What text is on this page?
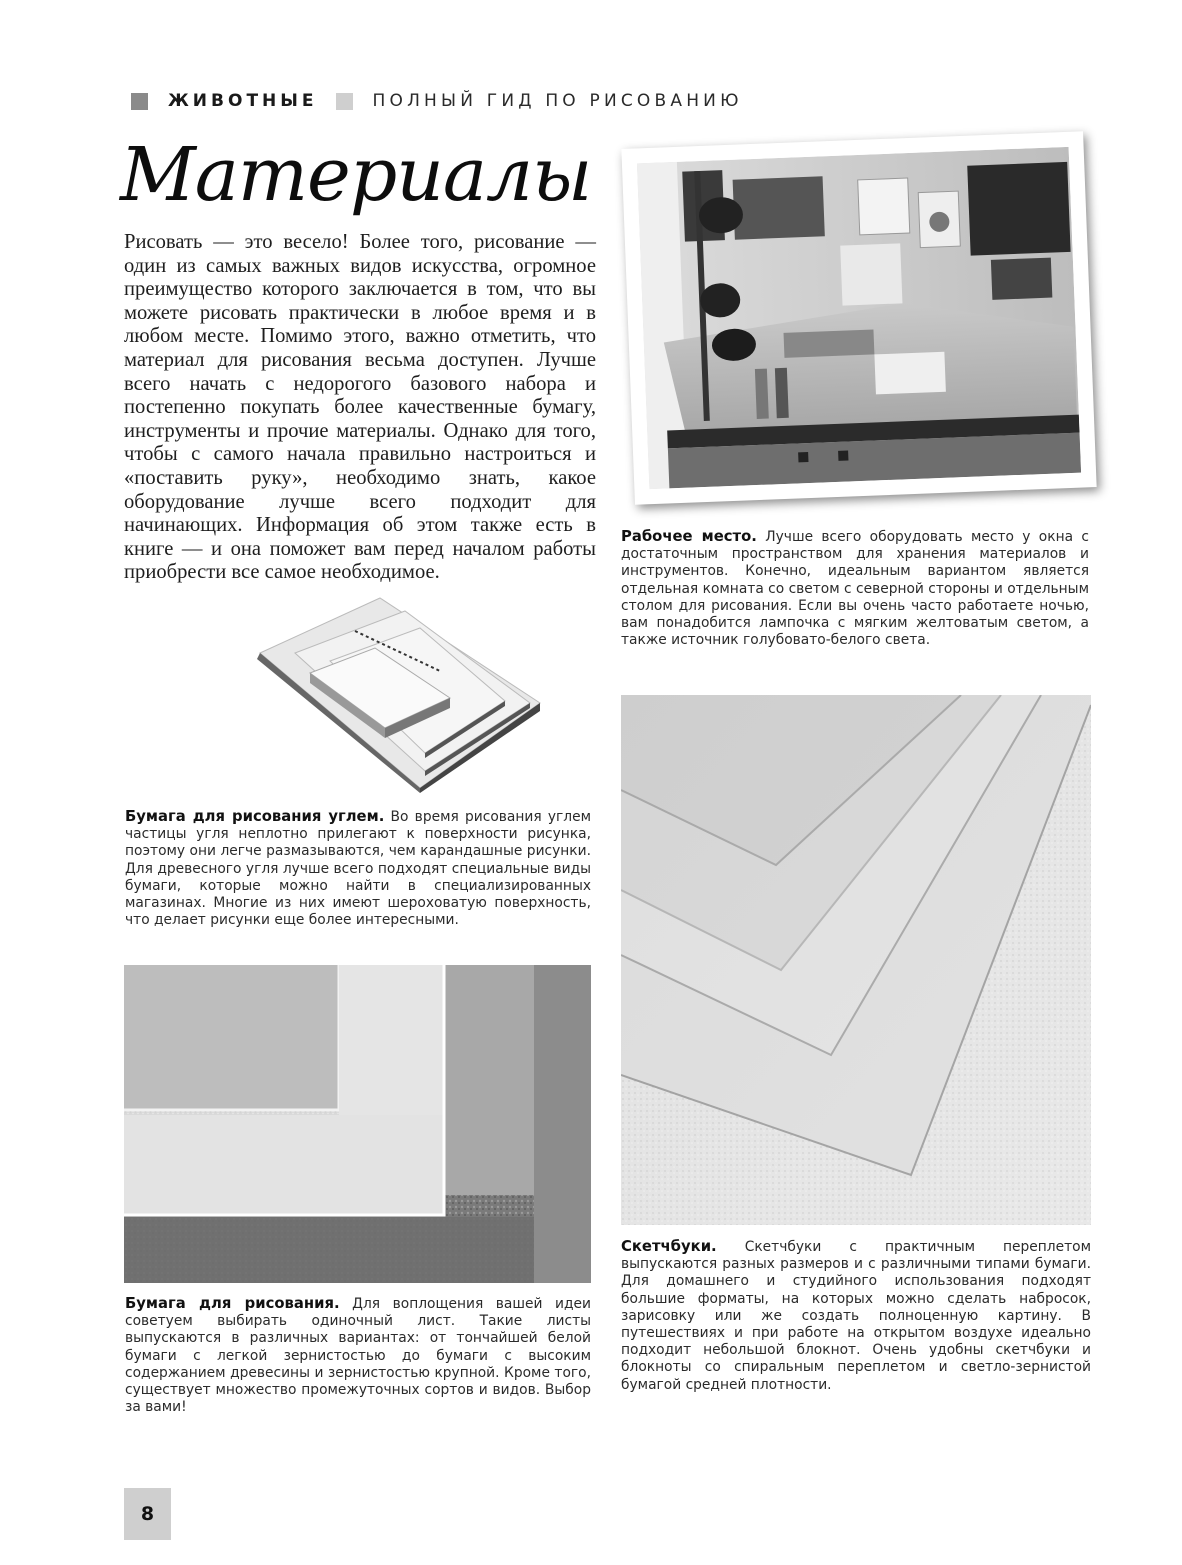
ЖИВОТНЫЕ	ПОЛНЫЙ ГИД ПО РИСОВАНИЮ
Материалы
Рисовать — это весело! Более того, рисование — один из самых важных видов искусства, огромное преимущество которого заключается в том, что вы можете рисовать практически в любое время и в любом месте. Помимо этого, важно отметить, что материал для рисования весьма доступен. Лучше всего начать с недорогого базового набора и постепенно покупать более качественные бумагу, инструменты и прочие материалы. Однако для того, чтобы с самого начала правильно настроиться и «поставить руку», необходимо знать, какое оборудование лучше всего подходит для начинающих. Информация об этом также есть в книге — и она поможет вам перед началом работы приобрести все самое необходимое.
Рабочее место. Лучше всего оборудовать место у окна с достаточным пространством для хранения материалов и инструментов. Конечно, идеальным вариантом является отдельная комната со светом с северной стороны и отдельным столом для рисования. Если вы очень часто работаете ночью, вам понадобится лампочка с мягким желтоватым светом, а также источник голубовато-белого света.
Бумага для рисования углем. Во время рисования углем частицы угля неплотно прилегают к поверхности рисунка, поэтому они легче размазываются, чем карандашные рисунки. Для древесного угля лучше всего подходят специальные виды бумаги, которые можно найти в специализированных магазинах. Многие из них имеют шероховатую поверхность, что делает рисунки еще более интересными.
Скетчбуки. Скетчбуки с практичным переплетом выпускаются разных размеров и с различными типами бумаги. Для домашнего и студийного использования подходят большие форматы, на которых можно сделать набросок, зарисовку или же создать полноценную картину. В путешествиях и при работе на открытом воздухе идеально подходит небольшой блокнот. Очень удобны скетчбуки и блокноты со спиральным переплетом и светло-зернистой бумагой средней плотности.
Бумага для рисования. Для воплощения вашей идеи советуем выбирать одиночный лист. Такие листы выпускаются в различных вариантах: от тончайшей белой бумаги с легкой зернистостью до бумаги с высоким содержанием древесины и зернистостью крупной. Кроме того, существует множество промежуточных сортов и видов. Выбор за вами!
8
